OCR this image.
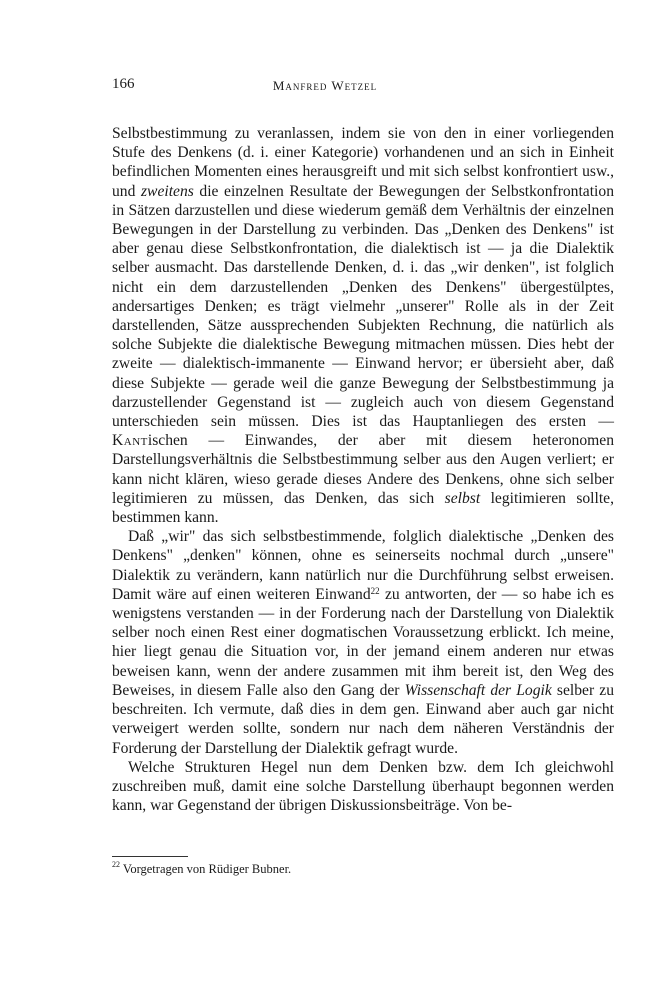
166	Manfred Wetzel

Selbstbestimmung zu veranlassen, indem sie von den in einer vorliegenden Stufe des Denkens (d. i. einer Kategorie) vorhandenen und an sich in Einheit befindlichen Momenten eines herausgreift und mit sich selbst konfrontiert usw., und zweitens die einzelnen Resultate der Bewegungen der Selbstkonfrontation in Sätzen darzustellen und diese wiederum gemäß dem Verhältnis der einzelnen Bewegungen in der Darstellung zu verbinden. Das „Denken des Denkens" ist aber genau diese Selbstkonfrontation, die dialektisch ist — ja die Dialektik selber ausmacht. Das darstellende Denken, d. i. das „wir denken", ist folglich nicht ein dem darzustellenden „Denken des Denkens" übergestülptes, andersartiges Denken; es trägt vielmehr „unserer" Rolle als in der Zeit darstellenden, Sätze aussprechenden Subjekten Rechnung, die natürlich als solche Subjekte die dialektische Bewegung mitmachen müssen. Dies hebt der zweite — dialektisch-immanente — Einwand hervor; er übersieht aber, daß diese Subjekte — gerade weil die ganze Bewegung der Selbstbestimmung ja darzustellender Gegenstand ist — zugleich auch von diesem Gegenstand unterschieden sein müssen. Dies ist das Hauptanliegen des ersten — Kantischen — Einwandes, der aber mit diesem heteronomen Darstellungsverhältnis die Selbstbestimmung selber aus den Augen verliert; er kann nicht klären, wieso gerade dieses Andere des Denkens, ohne sich selber legitimieren zu müssen, das Denken, das sich selbst legitimieren sollte, bestimmen kann.

Daß „wir" das sich selbstbestimmende, folglich dialektische „Denken des Denkens" „denken" können, ohne es seinerseits nochmal durch „unsere" Dialektik zu verändern, kann natürlich nur die Durchführung selbst erweisen. Damit wäre auf einen weiteren Einwand$^{22}$ zu antworten, der — so habe ich es wenigstens verstanden — in der Forderung nach der Darstellung von Dialektik selber noch einen Rest einer dogmatischen Voraussetzung erblickt. Ich meine, hier liegt genau die Situation vor, in der jemand einem anderen nur etwas beweisen kann, wenn der andere zusammen mit ihm bereit ist, den Weg des Beweises, in diesem Falle also den Gang der Wissenschaft der Logik selber zu beschreiten. Ich vermute, daß dies in dem gen. Einwand aber auch gar nicht verweigert werden sollte, sondern nur nach dem näheren Verständnis der Forderung der Darstellung der Dialektik gefragt wurde.

Welche Strukturen Hegel nun dem Denken bzw. dem Ich gleichwohl zuschreiben muß, damit eine solche Darstellung überhaupt begonnen werden kann, war Gegenstand der übrigen Diskussionsbeiträge. Von be-

$^{22}$ Vorgetragen von Rüdiger Bubner.
